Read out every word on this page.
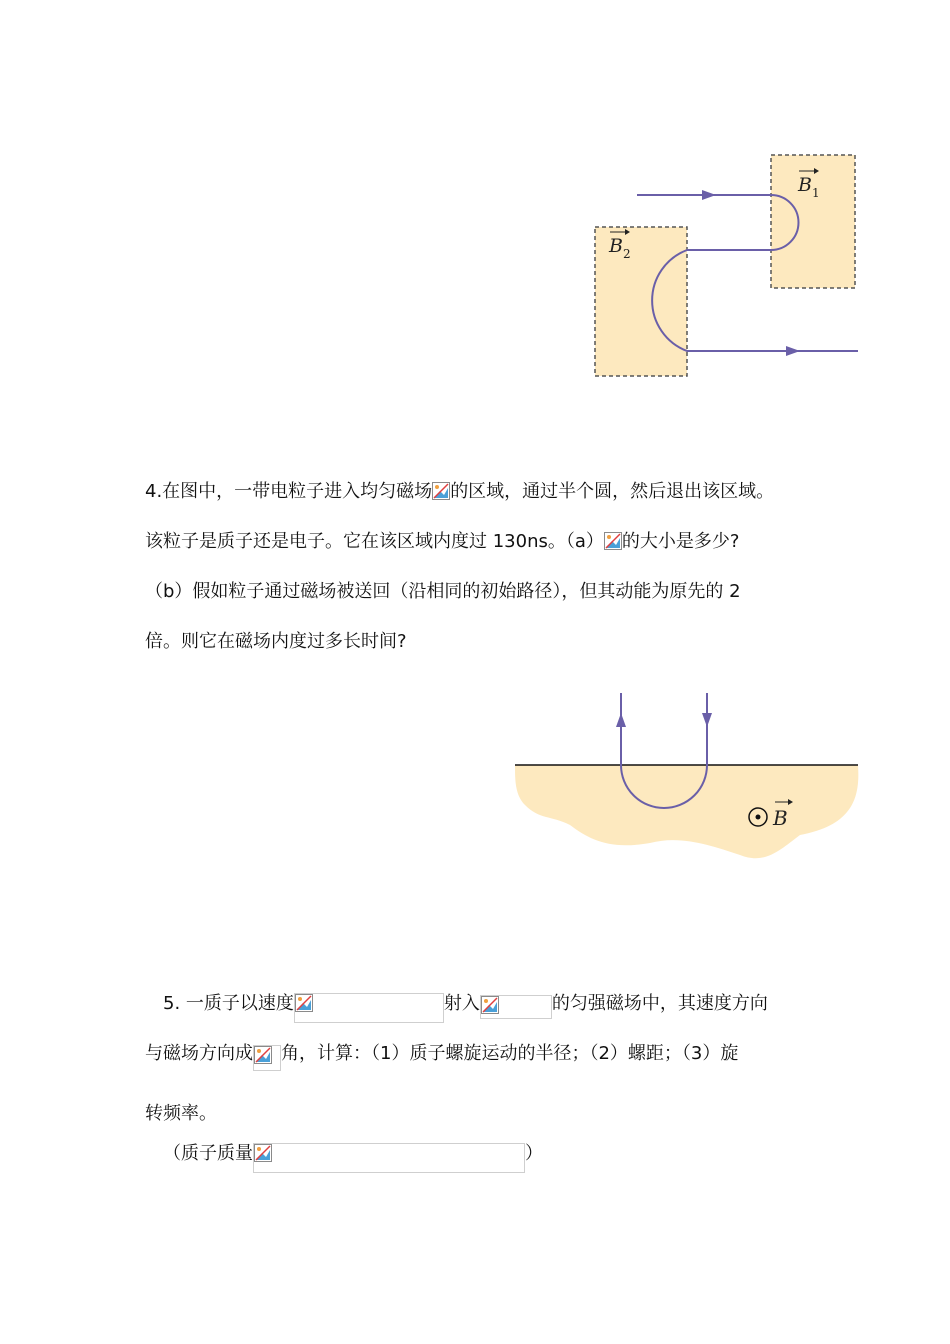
B 1
B 2
4.在图中，一带电粒子进入均匀磁场 的区域，通过半个圆，然后退出该区域。
该粒子是质子还是电子。它在该区域内度过 130ns。（a） 的大小是多少?
（b）假如粒子通过磁场被送回（沿相同的初始路径），但其动能为原先的 2
倍。则它在磁场内度过多长时间?
B
5. 一质子以速度	射入	的匀强磁场中，其速度方向
与磁场方向成 角，计算：（1）质子螺旋运动的半径；（2）螺距；（3）旋
转频率。
（质子质量	）
